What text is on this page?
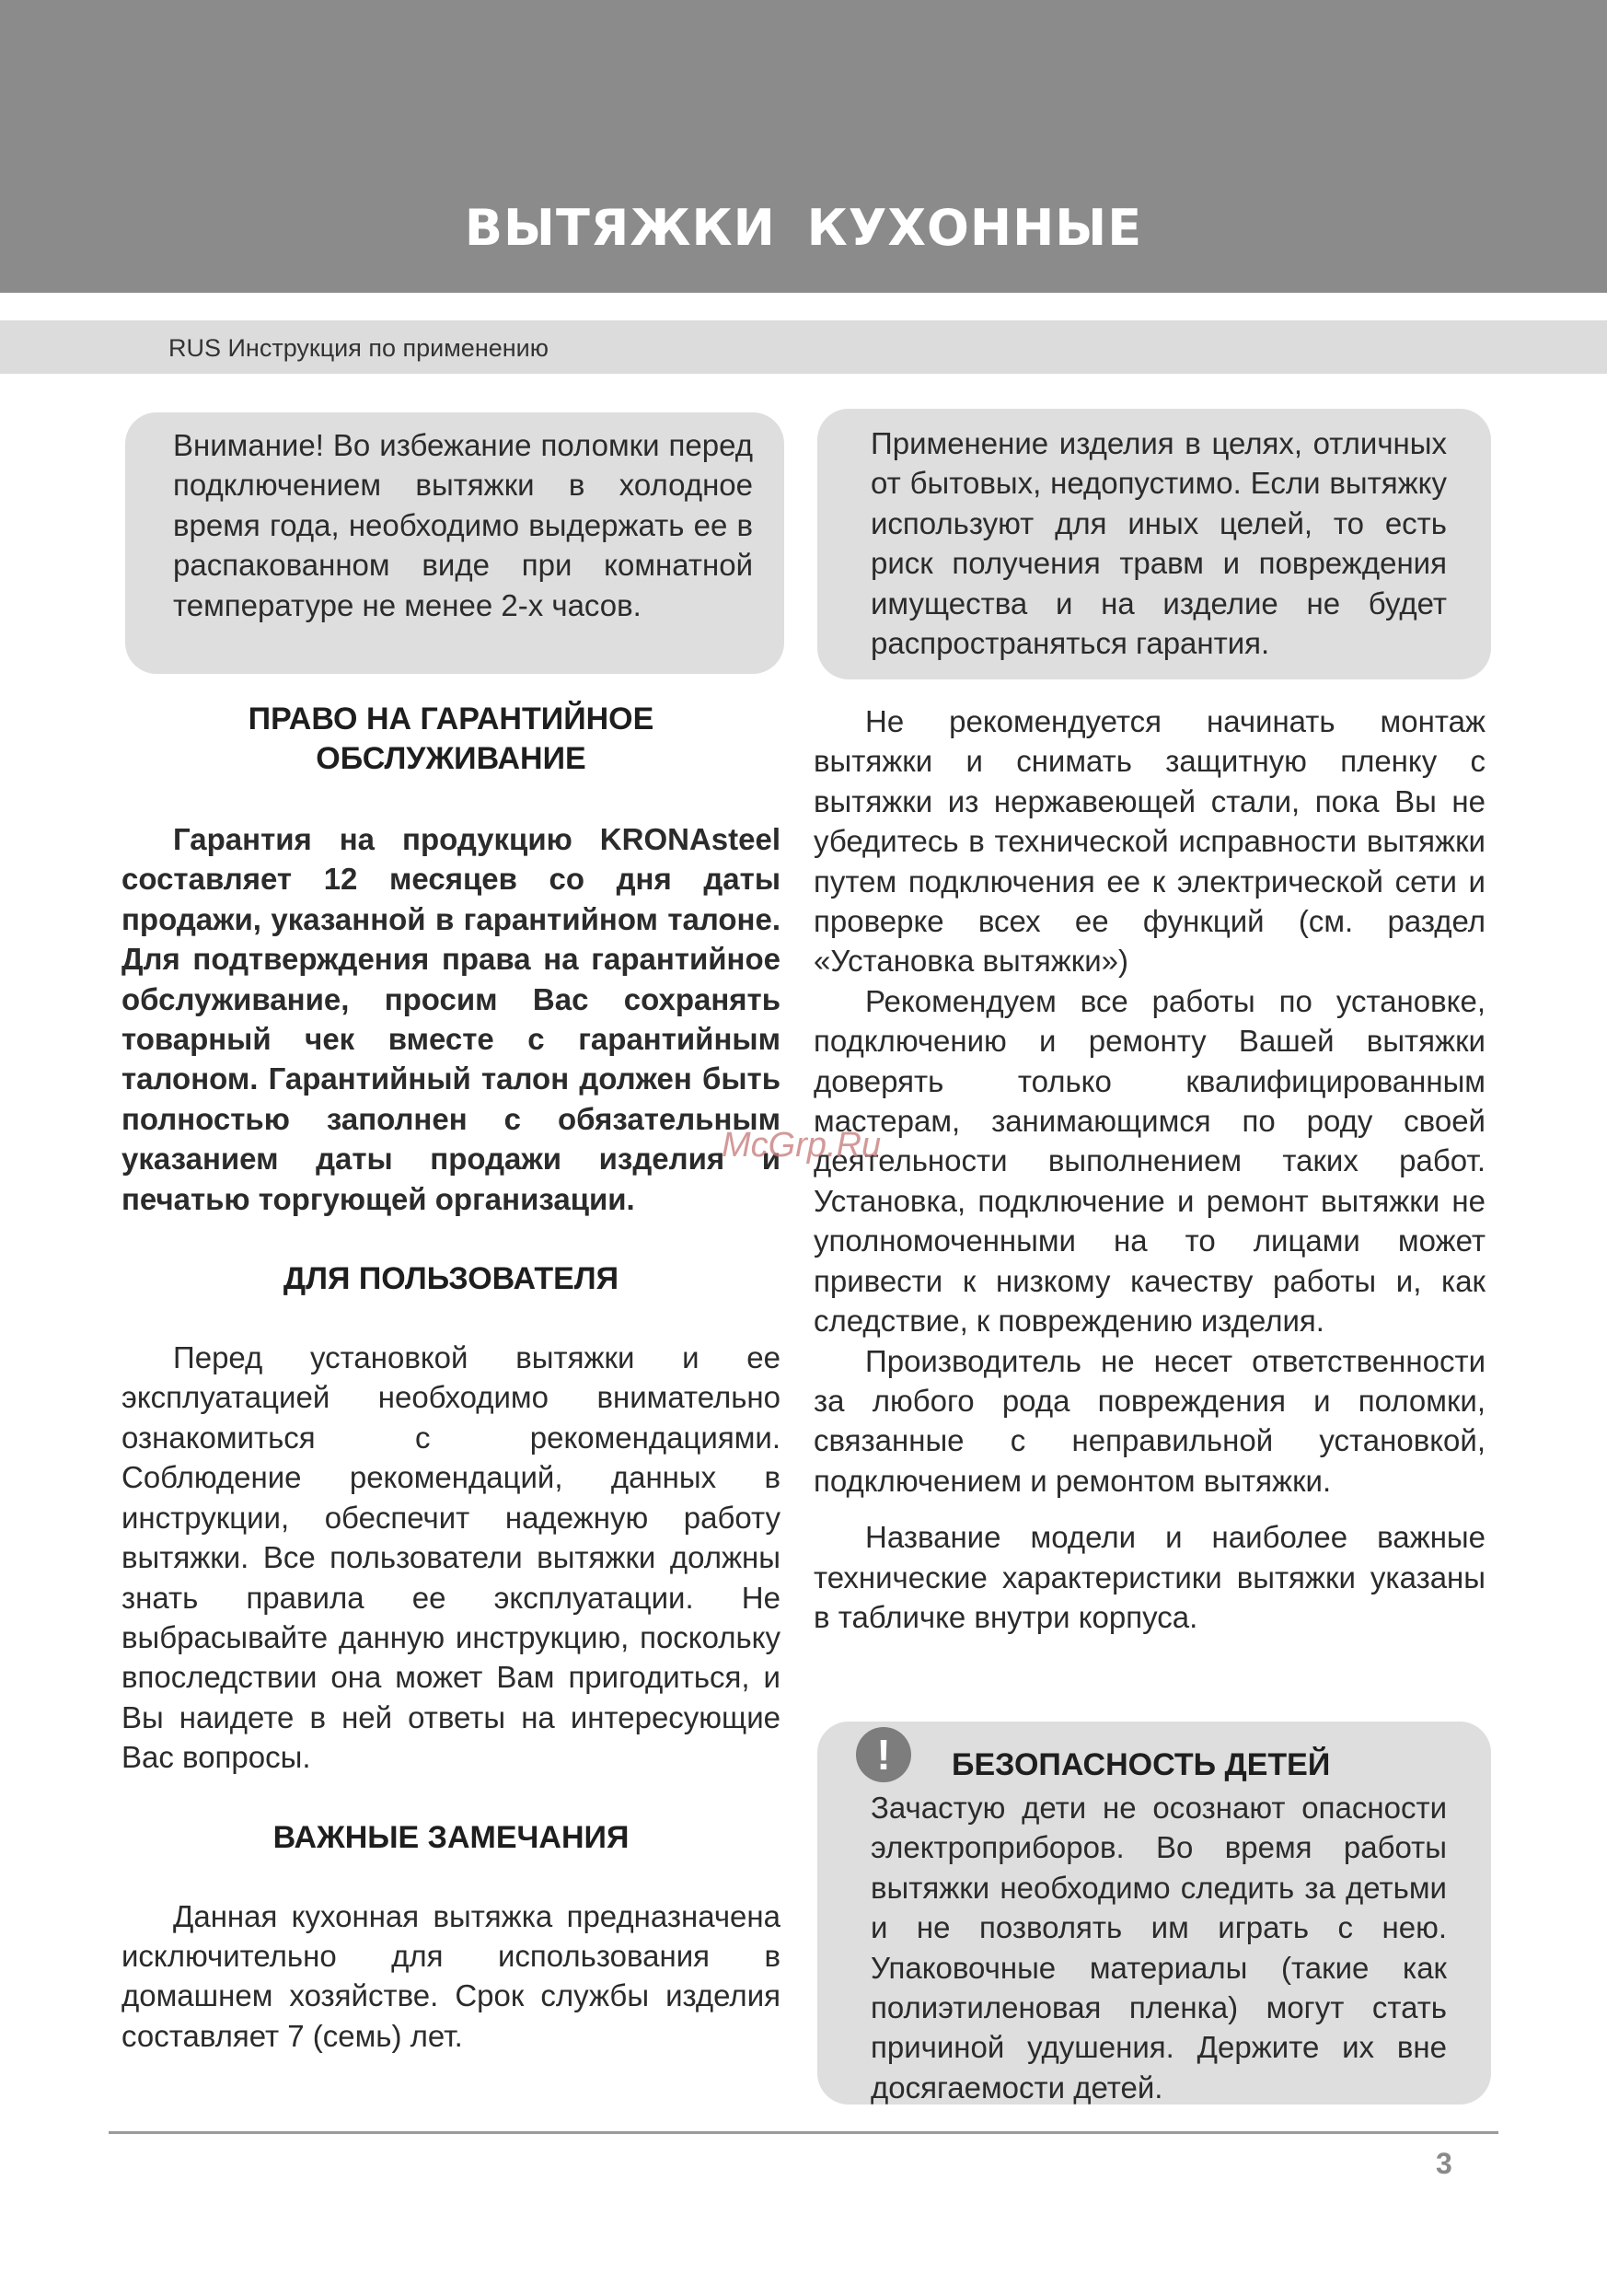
ВЫТЯЖКИ КУХОННЫЕ
RUS Инструкция по применению

Внимание! Во избежание поломки перед подключением вытяжки в холодное время года, необходимо выдержать ее в распакованном виде при комнатной температуре не менее 2-х часов.

Применение изделия в целях, отличных от бытовых, недопустимо. Если вытяжку используют для иных целей, то есть риск получения травм и повреждения имущества и на изделие не будет распространяться гарантия.

ПРАВО НА ГАРАНТИЙНОЕ ОБСЛУЖИВАНИЕ

Гарантия на продукцию KRONAsteel составляет 12 месяцев со дня даты продажи, указанной в гарантийном талоне. Для подтверждения права на гарантийное обслуживание, просим Вас сохранять товарный чек вместе с гарантийным талоном. Гарантийный талон должен быть полностью заполнен с обязательным указанием даты продажи изделия и печатью торгующей организации.

ДЛЯ ПОЛЬЗОВАТЕЛЯ

Перед установкой вытяжки и ее эксплуатацией необходимо внимательно ознакомиться с рекомендациями. Соблюдение рекомендаций, данных в инструкции, обеспечит надежную работу вытяжки. Все пользователи вытяжки должны знать правила ее эксплуатации. Не выбрасывайте данную инструкцию, поскольку впоследствии она может Вам пригодиться, и Вы наидете в ней ответы на интересующие Вас вопросы.

ВАЖНЫЕ ЗАМЕЧАНИЯ

Данная кухонная вытяжка предназначена исключительно для использования в домашнем хозяйстве. Срок службы изделия составляет 7 (семь) лет.

Не рекомендуется начинать монтаж вытяжки и снимать защитную пленку с вытяжки из нержавеющей стали, пока Вы не убедитесь в технической исправности вытяжки путем подключения ее к электрической сети и проверке всех ее функций (см. раздел «Установка вытяжки»)

Рекомендуем все работы по установке, подключению и ремонту Вашей вытяжки доверять только квалифицированным мастерам, занимающимся по роду своей деятельности выполнением таких работ. Установка, подключение и ремонт вытяжки не уполномоченными на то лицами может привести к низкому качеству работы и, как следствие, к повреждению изделия.

Производитель не несет ответственности за любого рода повреждения и поломки, связанные с неправильной установкой, подключением и ремонтом вытяжки.

Название модели и наиболее важные технические характеристики вытяжки указаны в табличке внутри корпуса.

Зачастую дети не осознают опасности электроприборов. Во время работы вытяжки необходимо следить за детьми и не позволять им играть с нею. Упаковочные материалы (такие как полиэтиленовая пленка) могут стать причиной удушения. Держите их вне досягаемости детей.

!	БЕЗОПАСНОСТЬ ДЕТЕЙ
McGrp.Ru
3
